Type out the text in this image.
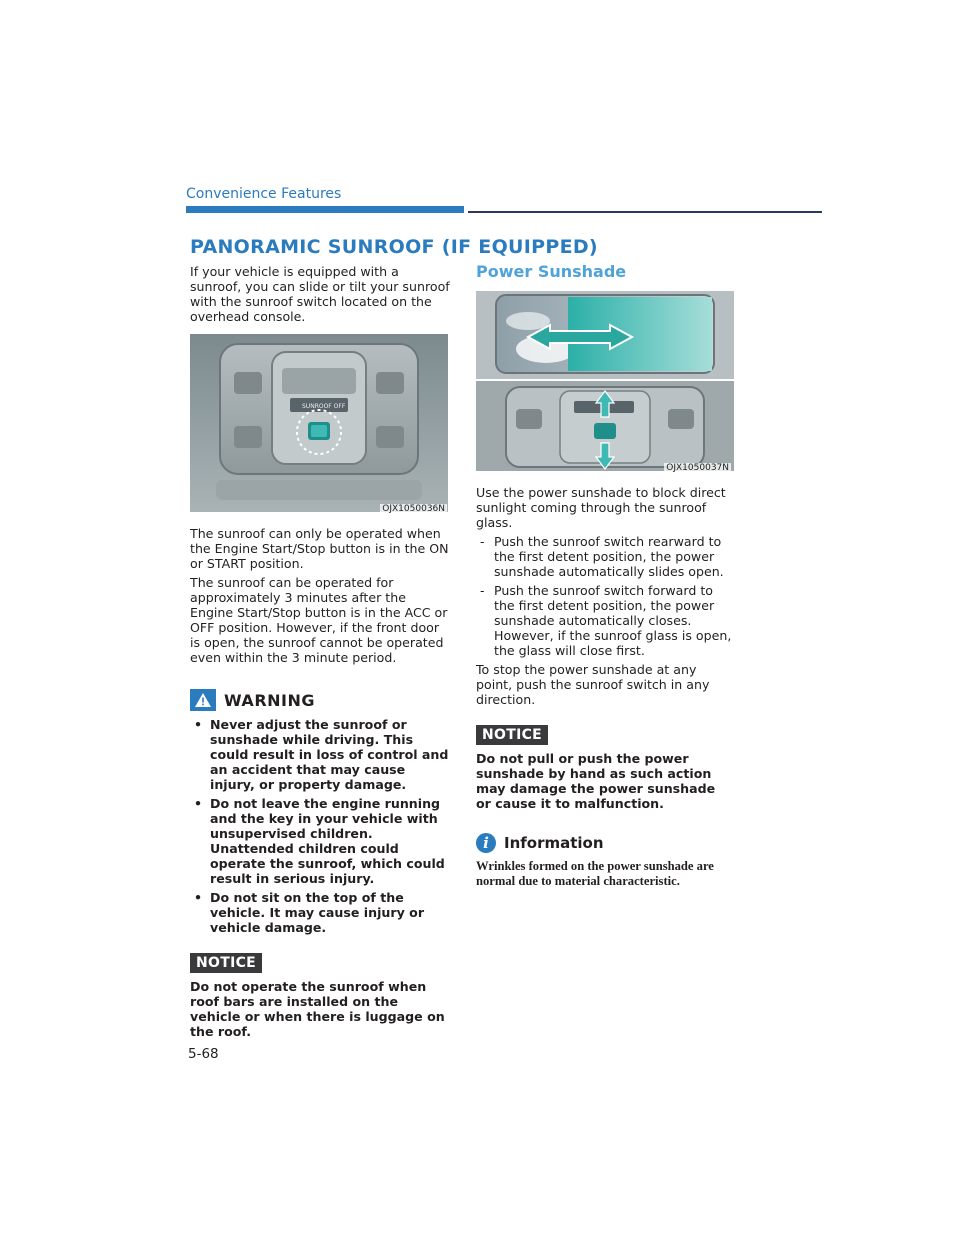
Convenience Features
PANORAMIC SUNROOF (IF EQUIPPED)

If your vehicle is equipped with a sunroof, you can slide or tilt your sunroof with the sunroof switch located on the overhead console.

SUNROOF OFF
OJX1050036N

The sunroof can only be operated when the Engine Start/Stop button is in the ON or START position.

The sunroof can be operated for approximately 3 minutes after the Engine Start/Stop button is in the ACC or OFF position. However, if the front door is open, the sunroof cannot be operated even within the 3 minute period.

WARNING
• Never adjust the sunroof or sunshade while driving. This could result in loss of control and an accident that may cause injury, or property damage.
• Do not leave the engine running and the key in your vehicle with unsupervised children. Unattended children could operate the sunroof, which could result in serious injury.
• Do not sit on the top of the vehicle. It may cause injury or vehicle damage.
NOTICE

Do not operate the sunroof when roof bars are installed on the vehicle or when there is luggage on the roof.

Power Sunshade
OJX1050037N

Use the power sunshade to block direct sunlight coming through the sunroof glass.

- Push the sunroof switch rearward to the first detent position, the power sunshade automatically slides open.
- Push the sunroof switch forward to the first detent position, the power sunshade automatically closes. However, if the sunroof glass is open, the glass will close first.

To stop the power sunshade at any point, push the sunroof switch in any direction.

NOTICE

Do not pull or push the power sunshade by hand as such action may damage the power sunshade or cause it to malfunction.

i	Information

Wrinkles formed on the power sunshade are normal due to material characteristic.

5-68
